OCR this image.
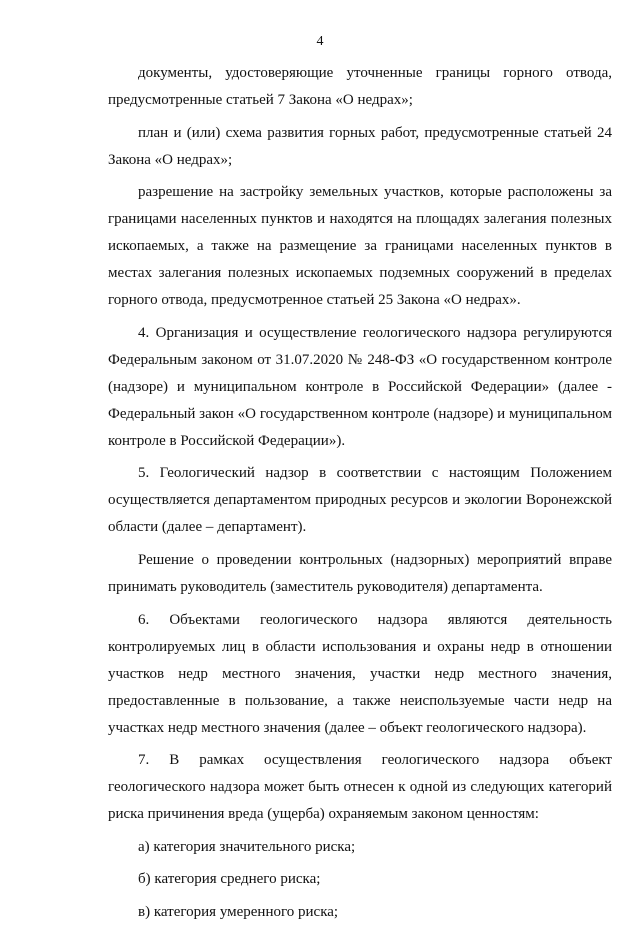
4

документы, удостоверяющие уточненные границы горного отвода, предусмотренные статьей 7 Закона «О недрах»;

план и (или) схема развития горных работ, предусмотренные статьей 24 Закона «О недрах»;

разрешение на застройку земельных участков, которые расположены за границами населенных пунктов и находятся на площадях залегания полезных ископаемых, а также на размещение за границами населенных пунктов в местах залегания полезных ископаемых подземных сооружений в пределах горного отвода, предусмотренное статьей 25 Закона «О недрах».

4. Организация и осуществление геологического надзора регулируются Федеральным законом от 31.07.2020 № 248-ФЗ «О государственном контроле (надзоре) и муниципальном контроле в Российской Федерации» (далее - Федеральный закон «О государственном контроле (надзоре) и муниципальном контроле в Российской Федерации»).

5. Геологический надзор в соответствии с настоящим Положением осуществляется департаментом природных ресурсов и экологии Воронежской области (далее – департамент).

Решение о проведении контрольных (надзорных) мероприятий вправе принимать руководитель (заместитель руководителя) департамента.

6. Объектами геологического надзора являются деятельность контролируемых лиц в области использования и охраны недр в отношении участков недр местного значения, участки недр местного значения, предоставленные в пользование, а также неиспользуемые части недр на участках недр местного значения (далее – объект геологического надзора).

7. В рамках осуществления геологического надзора объект геологического надзора может быть отнесен к одной из следующих категорий риска причинения вреда (ущерба) охраняемым законом ценностям:

а) категория значительного риска;

б) категория среднего риска;

в) категория умеренного риска;
